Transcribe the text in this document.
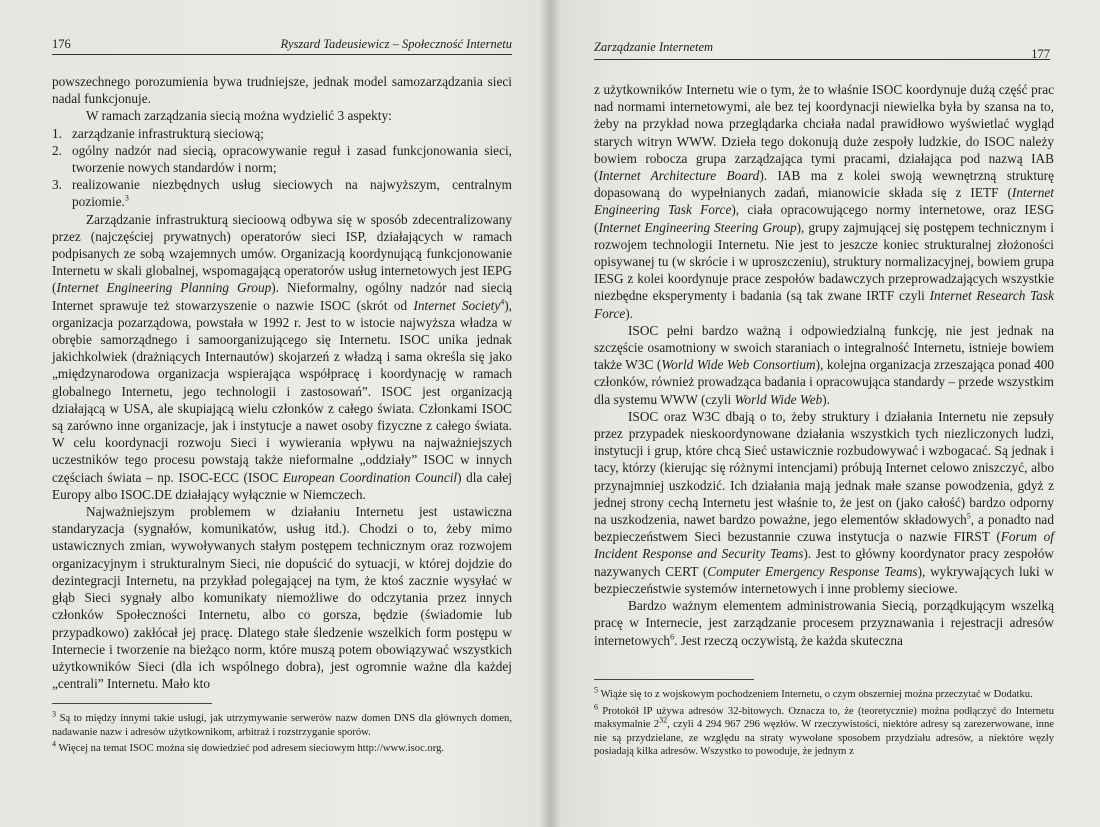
176	Ryszard Tadeusiewicz – Społeczność Internetu

powszechnego porozumienia bywa trudniejsze, jednak model samozarządzania sieci nadal funkcjonuje.

W ramach zarządzania siecią można wydzielić 3 aspekty:

1. zarządzanie infrastrukturą sieciową;
2. ogólny nadzór nad siecią, opracowywanie reguł i zasad funkcjonowania sieci, tworzenie nowych standardów i norm;
3. realizowanie niezbędnych usług sieciowych na najwyższym, centralnym poziomie.$^3$

Zarządzanie infrastrukturą siecioową odbywa się w sposób zdecentralizowany przez (najczęściej prywatnych) operatorów sieci ISP, działających w ramach podpisanych ze sobą wzajemnych umów. Organizacją koordynującą funkcjonowanie Internetu w skali globalnej, wspomagającą operatorów usług internetowych jest IEPG (Internet Engineering Planning Group). Nieformalny, ogólny nadzór nad siecią Internet sprawuje też stowarzyszenie o nazwie ISOC (skrót od Internet Society$^4$), organizacja pozarządowa, powstała w 1992 r. Jest to w istocie najwyższa władza w obrębie samorządnego i samoorganizującego się Internetu. ISOC unika jednak jakichkolwiek (drażniących Internautów) skojarzeń z władzą i sama określa się jako „międzynarodowa organizacja wspierająca współpracę i koordynację w ramach globalnego Internetu, jego technologii i zastosowań”. ISOC jest organizacją działającą w USA, ale skupiającą wielu członków z całego świata. Członkami ISOC są zarówno inne organizacje, jak i instytucje a nawet osoby fizyczne z całego świata. W celu koordynacji rozwoju Sieci i wywierania wpływu na najważniejszych uczestników tego procesu powstają także nieformalne „oddziały” ISOC w innych częściach świata – np. ISOC-ECC (ISOC European Coordination Council) dla całej Europy albo ISOC.DE działający wyłącznie w Niemczech.

Najważniejszym problemem w działaniu Internetu jest ustawiczna standaryzacja (sygnałów, komunikatów, usług itd.). Chodzi o to, żeby mimo ustawicznych zmian, wywoływanych stałym postępem technicznym oraz rozwojem organizacyjnym i strukturalnym Sieci, nie dopuścić do sytuacji, w której dojdzie do dezintegracji Internetu, na przykład polegającej na tym, że ktoś zacznie wysyłać w głąb Sieci sygnały albo komunikaty niemożliwe do odczytania przez innych członków Społeczności Internetu, albo co gorsza, będzie (świadomie lub przypadkowo) zakłócał jej pracę. Dlatego stałe śledzenie wszelkich form postępu w Internecie i tworzenie na bieżąco norm, które muszą potem obowiązywać wszystkich użytkowników Sieci (dla ich wspólnego dobra), jest ogromnie ważne dla każdej „centrali” Internetu. Mało kto

$^3$ Są to między innymi takie usługi, jak utrzymywanie serwerów nazw domen DNS dla głównych domen, nadawanie nazw i adresów użytkownikom, arbitraż i rozstrzyganie sporów.

$^4$ Więcej na temat ISOC można się dowiedzieć pod adresem sieciowym http://www.isoc.org.

Zarządzanie Internetem	177

z użytkowników Internetu wie o tym, że to właśnie ISOC koordynuje dużą część prac nad normami internetowymi, ale bez tej koordynacji niewielka była by szansa na to, żeby na przykład nowa przeglądarka chciała nadal prawidłowo wyświetlać wygląd starych witryn WWW. Dzieła tego dokonują duże zespoły ludzkie, do ISOC należy bowiem robocza grupa zarządzająca tymi pracami, działająca pod nazwą IAB (Internet Architecture Board). IAB ma z kolei swoją wewnętrzną strukturę dopasowaną do wypełnianych zadań, mianowicie składa się z IETF (Internet Engineering Task Force), ciała opracowującego normy internetowe, oraz IESG (Internet Engineering Steering Group), grupy zajmującej się postępem technicznym i rozwojem technologii Internetu. Nie jest to jeszcze koniec strukturalnej złożoności opisywanej tu (w skrócie i w uproszczeniu), struktury normalizacyjnej, bowiem grupa IESG z kolei koordynuje prace zespołów badawczych przeprowadzających wszystkie niezbędne eksperymenty i badania (są tak zwane IRTF czyli Internet Research Task Force).

ISOC pełni bardzo ważną i odpowiedzialną funkcję, nie jest jednak na szczęście osamotniony w swoich staraniach o integralność Internetu, istnieje bowiem także W3C (World Wide Web Consortium), kolejna organizacja zrzeszająca ponad 400 członków, również prowadząca badania i opracowująca standardy – przede wszystkim dla systemu WWW (czyli World Wide Web).

ISOC oraz W3C dbają o to, żeby struktury i działania Internetu nie zepsuły przez przypadek nieskoordynowane działania wszystkich tych niezliczonych ludzi, instytucji i grup, które chcą Sieć ustawicznie rozbudowywać i wzbogacać. Są jednak i tacy, którzy (kierując się różnymi intencjami) próbują Internet celowo zniszczyć, albo przynajmniej uszkodzić. Ich działania mają jednak małe szanse powodzenia, gdyż z jednej strony cechą Internetu jest właśnie to, że jest on (jako całość) bardzo odporny na uszkodzenia, nawet bardzo poważne, jego elementów składowych$^5$, a ponadto nad bezpieczeństwem Sieci bezustannie czuwa instytucja o nazwie FIRST (Forum of Incident Response and Security Teams). Jest to główny koordynator pracy zespołów nazywanych CERT (Computer Emergency Response Teams), wykrywających luki w bezpieczeństwie systemów internetowych i inne problemy sieciowe.

Bardzo ważnym elementem administrowania Siecią, porządkującym wszelką pracę w Internecie, jest zarządzanie procesem przyznawania i rejestracji adresów internetowych$^6$. Jest rzeczą oczywistą, że każda skuteczna

$^5$ Wiąże się to z wojskowym pochodzeniem Internetu, o czym obszerniej można przeczytać w Dodatku.

$^6$ Protokół IP używa adresów 32-bitowych. Oznacza to, że (teoretycznie) można podłączyć do Internetu maksymalnie $2^{32}$, czyli 4 294 967 296 węzłów. W rzeczywistości, niektóre adresy są zarezerwowane, inne nie są przydzielane, ze względu na straty wywołane sposobem przydziału adresów, a niektóre węzły posiadają kilka adresów. Wszystko to powoduje, że jednym z
